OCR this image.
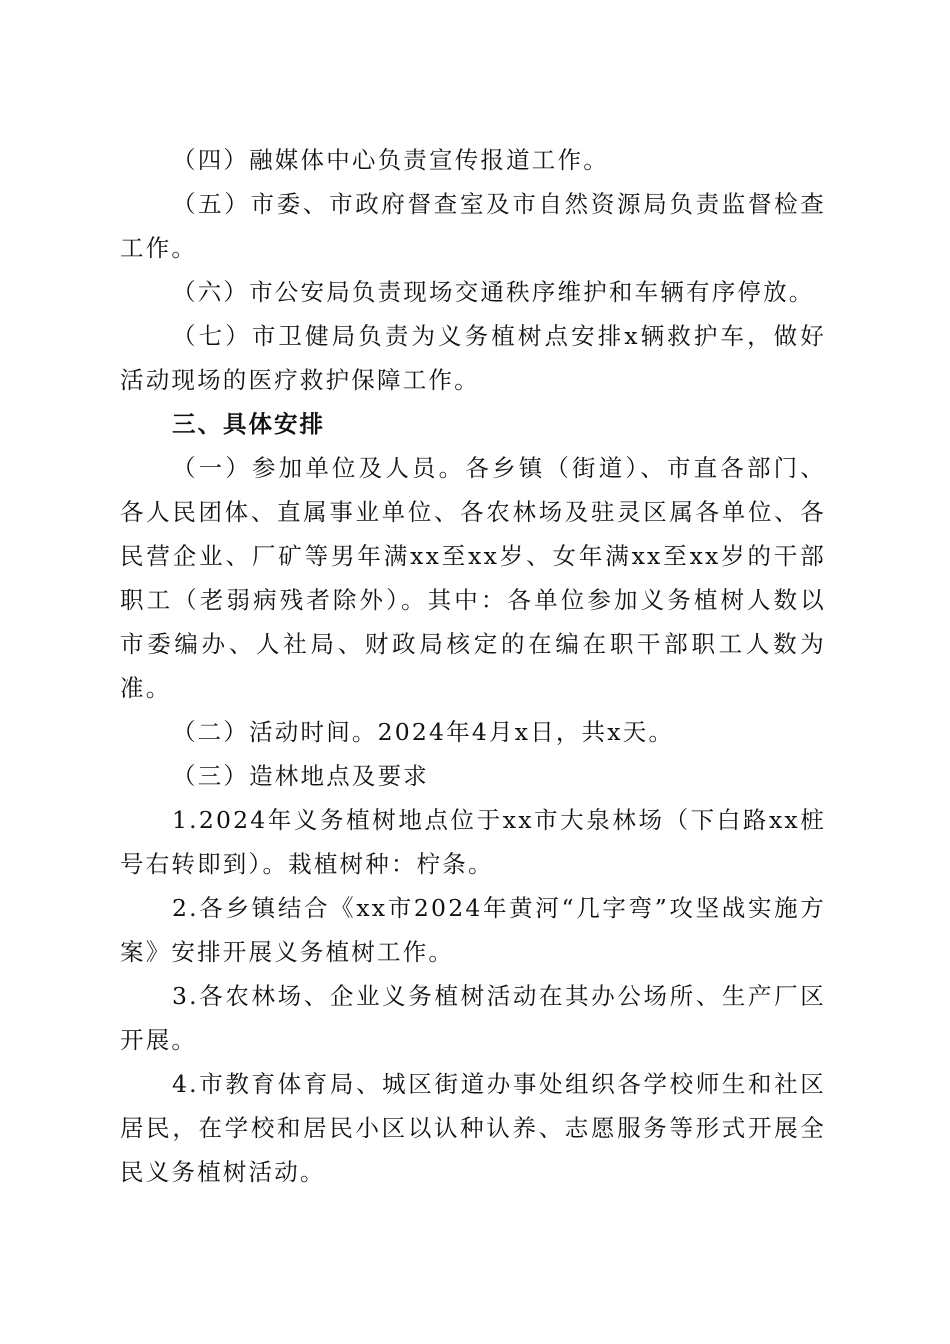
（四）融媒体中心负责宣传报道工作。

（五）市委、市政府督查室及市自然资源局负责监督检查工作。

（六）市公安局负责现场交通秩序维护和车辆有序停放。

（七）市卫健局负责为义务植树点安排x辆救护车，做好活动现场的医疗救护保障工作。

三、具体安排

（一）参加单位及人员。各乡镇（街道）、市直各部门、各人民团体、直属事业单位、各农林场及驻灵区属各单位、各民营企业、厂矿等男年满xx至xx岁、女年满xx至xx岁的干部职工（老弱病残者除外）。其中：各单位参加义务植树人数以市委编办、人社局、财政局核定的在编在职干部职工人数为准。

（二）活动时间。2024年4月x日，共x天。

（三）造林地点及要求

1.2024年义务植树地点位于xx市大泉林场（下白路xx桩号右转即到）。栽植树种：柠条。

2.各乡镇结合《xx市2024年黄河“几字弯”攻坚战实施方案》安排开展义务植树工作。

3.各农林场、企业义务植树活动在其办公场所、生产厂区开展。

4.市教育体育局、城区街道办事处组织各学校师生和社区居民，在学校和居民小区以认种认养、志愿服务等形式开展全民义务植树活动。
